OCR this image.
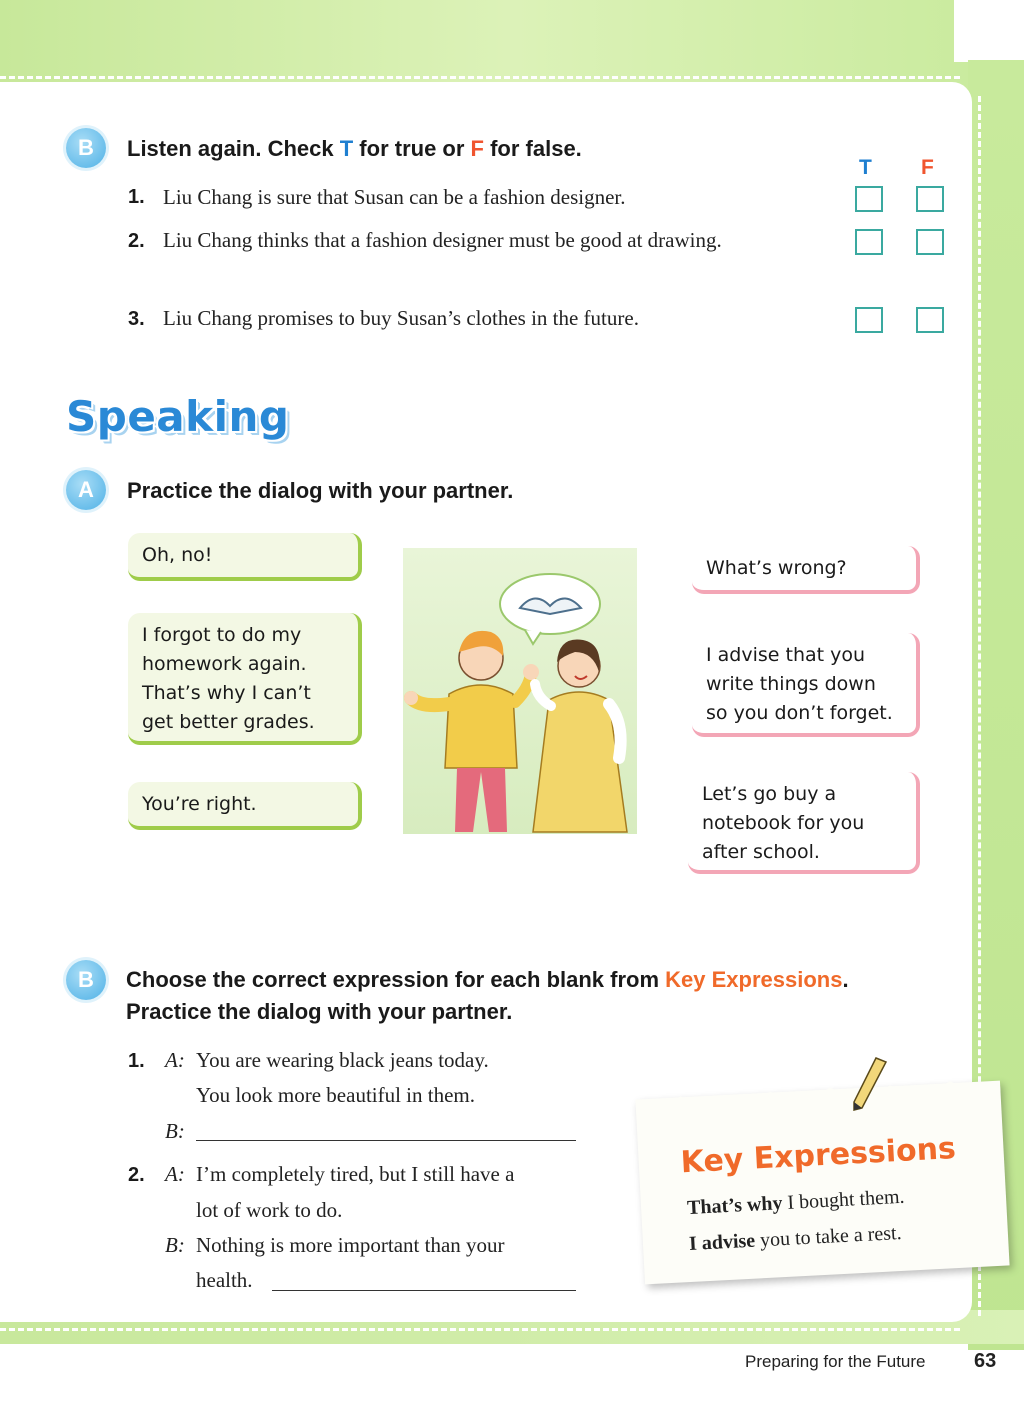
B	Listen again. Check T for true or F for false.
T F
1. Liu Chang is sure that Susan can be a fashion designer.
2. Liu Chang thinks that a fashion designer must be good at drawing.
3. Liu Chang promises to buy Susan’s clothes in the future.
Speaking
A	Practice the dialog with your partner.
Oh, no!
I forgot to do my homework again. That’s why I can’t get better grades.
You’re right.
What’s wrong?
I advise that you write things down so you don’t forget.
Let’s go buy a notebook for you after school.
B	Choose the correct expression for each blank from Key Expressions.
Practice the dialog with your partner.
1. A: You are wearing black jeans today.
You look more beautiful in them.
B:
2. A: I’m completely tired, but I still have a
lot of work to do.
B: Nothing is more important than your
health.
Key Expressions
That’s why I bought them.
I advise you to take a rest.
Preparing for the Future 63
